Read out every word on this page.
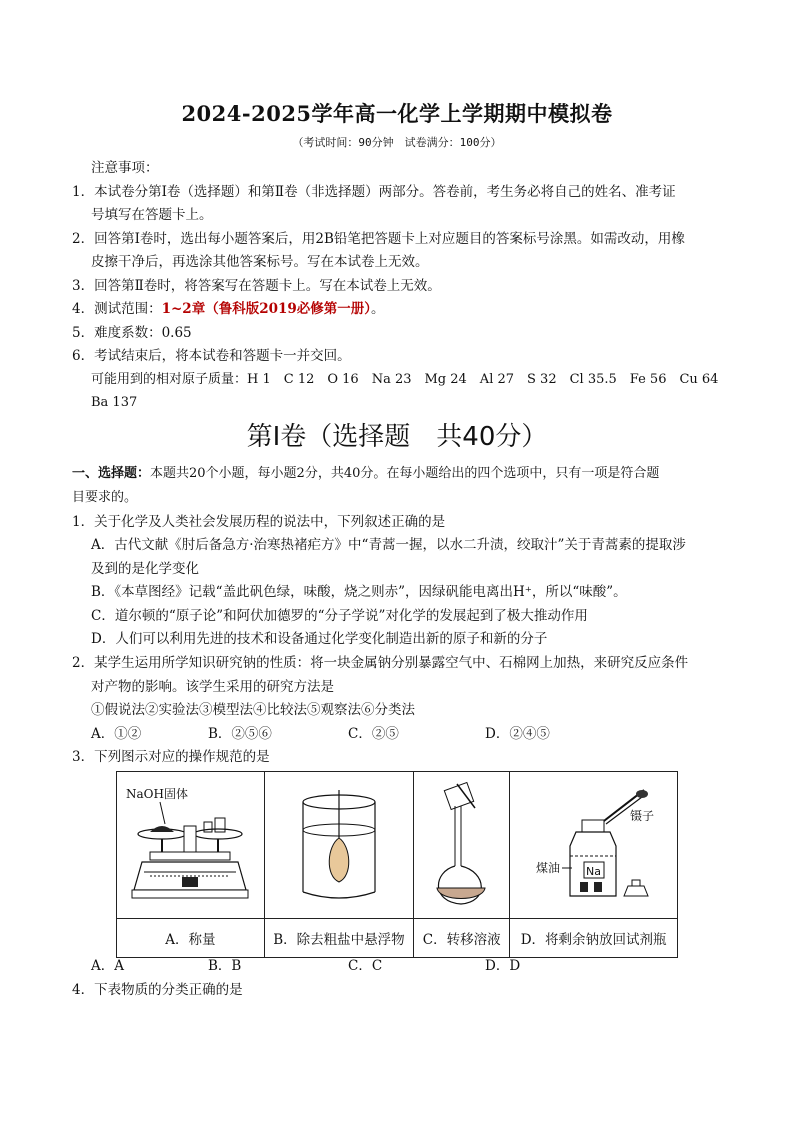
2024-2025学年高一化学上学期期中模拟卷
（考试时间：90分钟　试卷满分：100分）
注意事项：
1．本试卷分第Ⅰ卷（选择题）和第Ⅱ卷（非选择题）两部分。答卷前，考生务必将自己的姓名、准考证
号填写在答题卡上。
2．回答第Ⅰ卷时，选出每小题答案后，用2B铅笔把答题卡上对应题目的答案标号涂黑。如需改动，用橡
皮擦干净后，再选涂其他答案标号。写在本试卷上无效。
3．回答第Ⅱ卷时，将答案写在答题卡上。写在本试卷上无效。
4．测试范围：1~2章（鲁科版2019必修第一册）。
5．难度系数：0.65
6．考试结束后，将本试卷和答题卡一并交回。
可能用到的相对原子质量：H 1　C 12　O 16　Na 23　Mg 24　Al 27　S 32　Cl 35.5　Fe 56　Cu 64
Ba 137
第Ⅰ卷（选择题　共40分）
一、选择题：本题共20个小题，每小题2分，共40分。在每小题给出的四个选项中，只有一项是符合题
目要求的。
1．关于化学及人类社会发展历程的说法中，下列叙述正确的是
A．古代文献《肘后备急方·治寒热褚疟方》中“青蒿一握，以水二升渍，绞取汁”关于青蒿素的提取涉
及到的是化学变化
B．《本草图经》记载“盖此矾色绿，味酸，烧之则赤”，因绿矾能电离出H⁺，所以“味酸”。
C．道尔顿的“原子论”和阿伏加德罗的“分子学说”对化学的发展起到了极大推动作用
D．人们可以利用先进的技术和设备通过化学变化制造出新的原子和新的分子
2．某学生运用所学知识研究钠的性质：将一块金属钠分别暴露空气中、石棉网上加热，来研究反应条件
对产物的影响。该学生采用的研究方法是
①假说法②实验法③模型法④比较法⑤观察法⑥分类法
A．①②	B．②⑤⑥	C．②⑤	D．②④⑤
3．下列图示对应的操作规范的是
NaOH固体			镊子
Na
煤油

A．称量	B．除去粗盐中悬浮物	C．转移溶液	D．将剩余钠放回试剂瓶
A．A	B．B	C．C	D．D
4．下表物质的分类正确的是
